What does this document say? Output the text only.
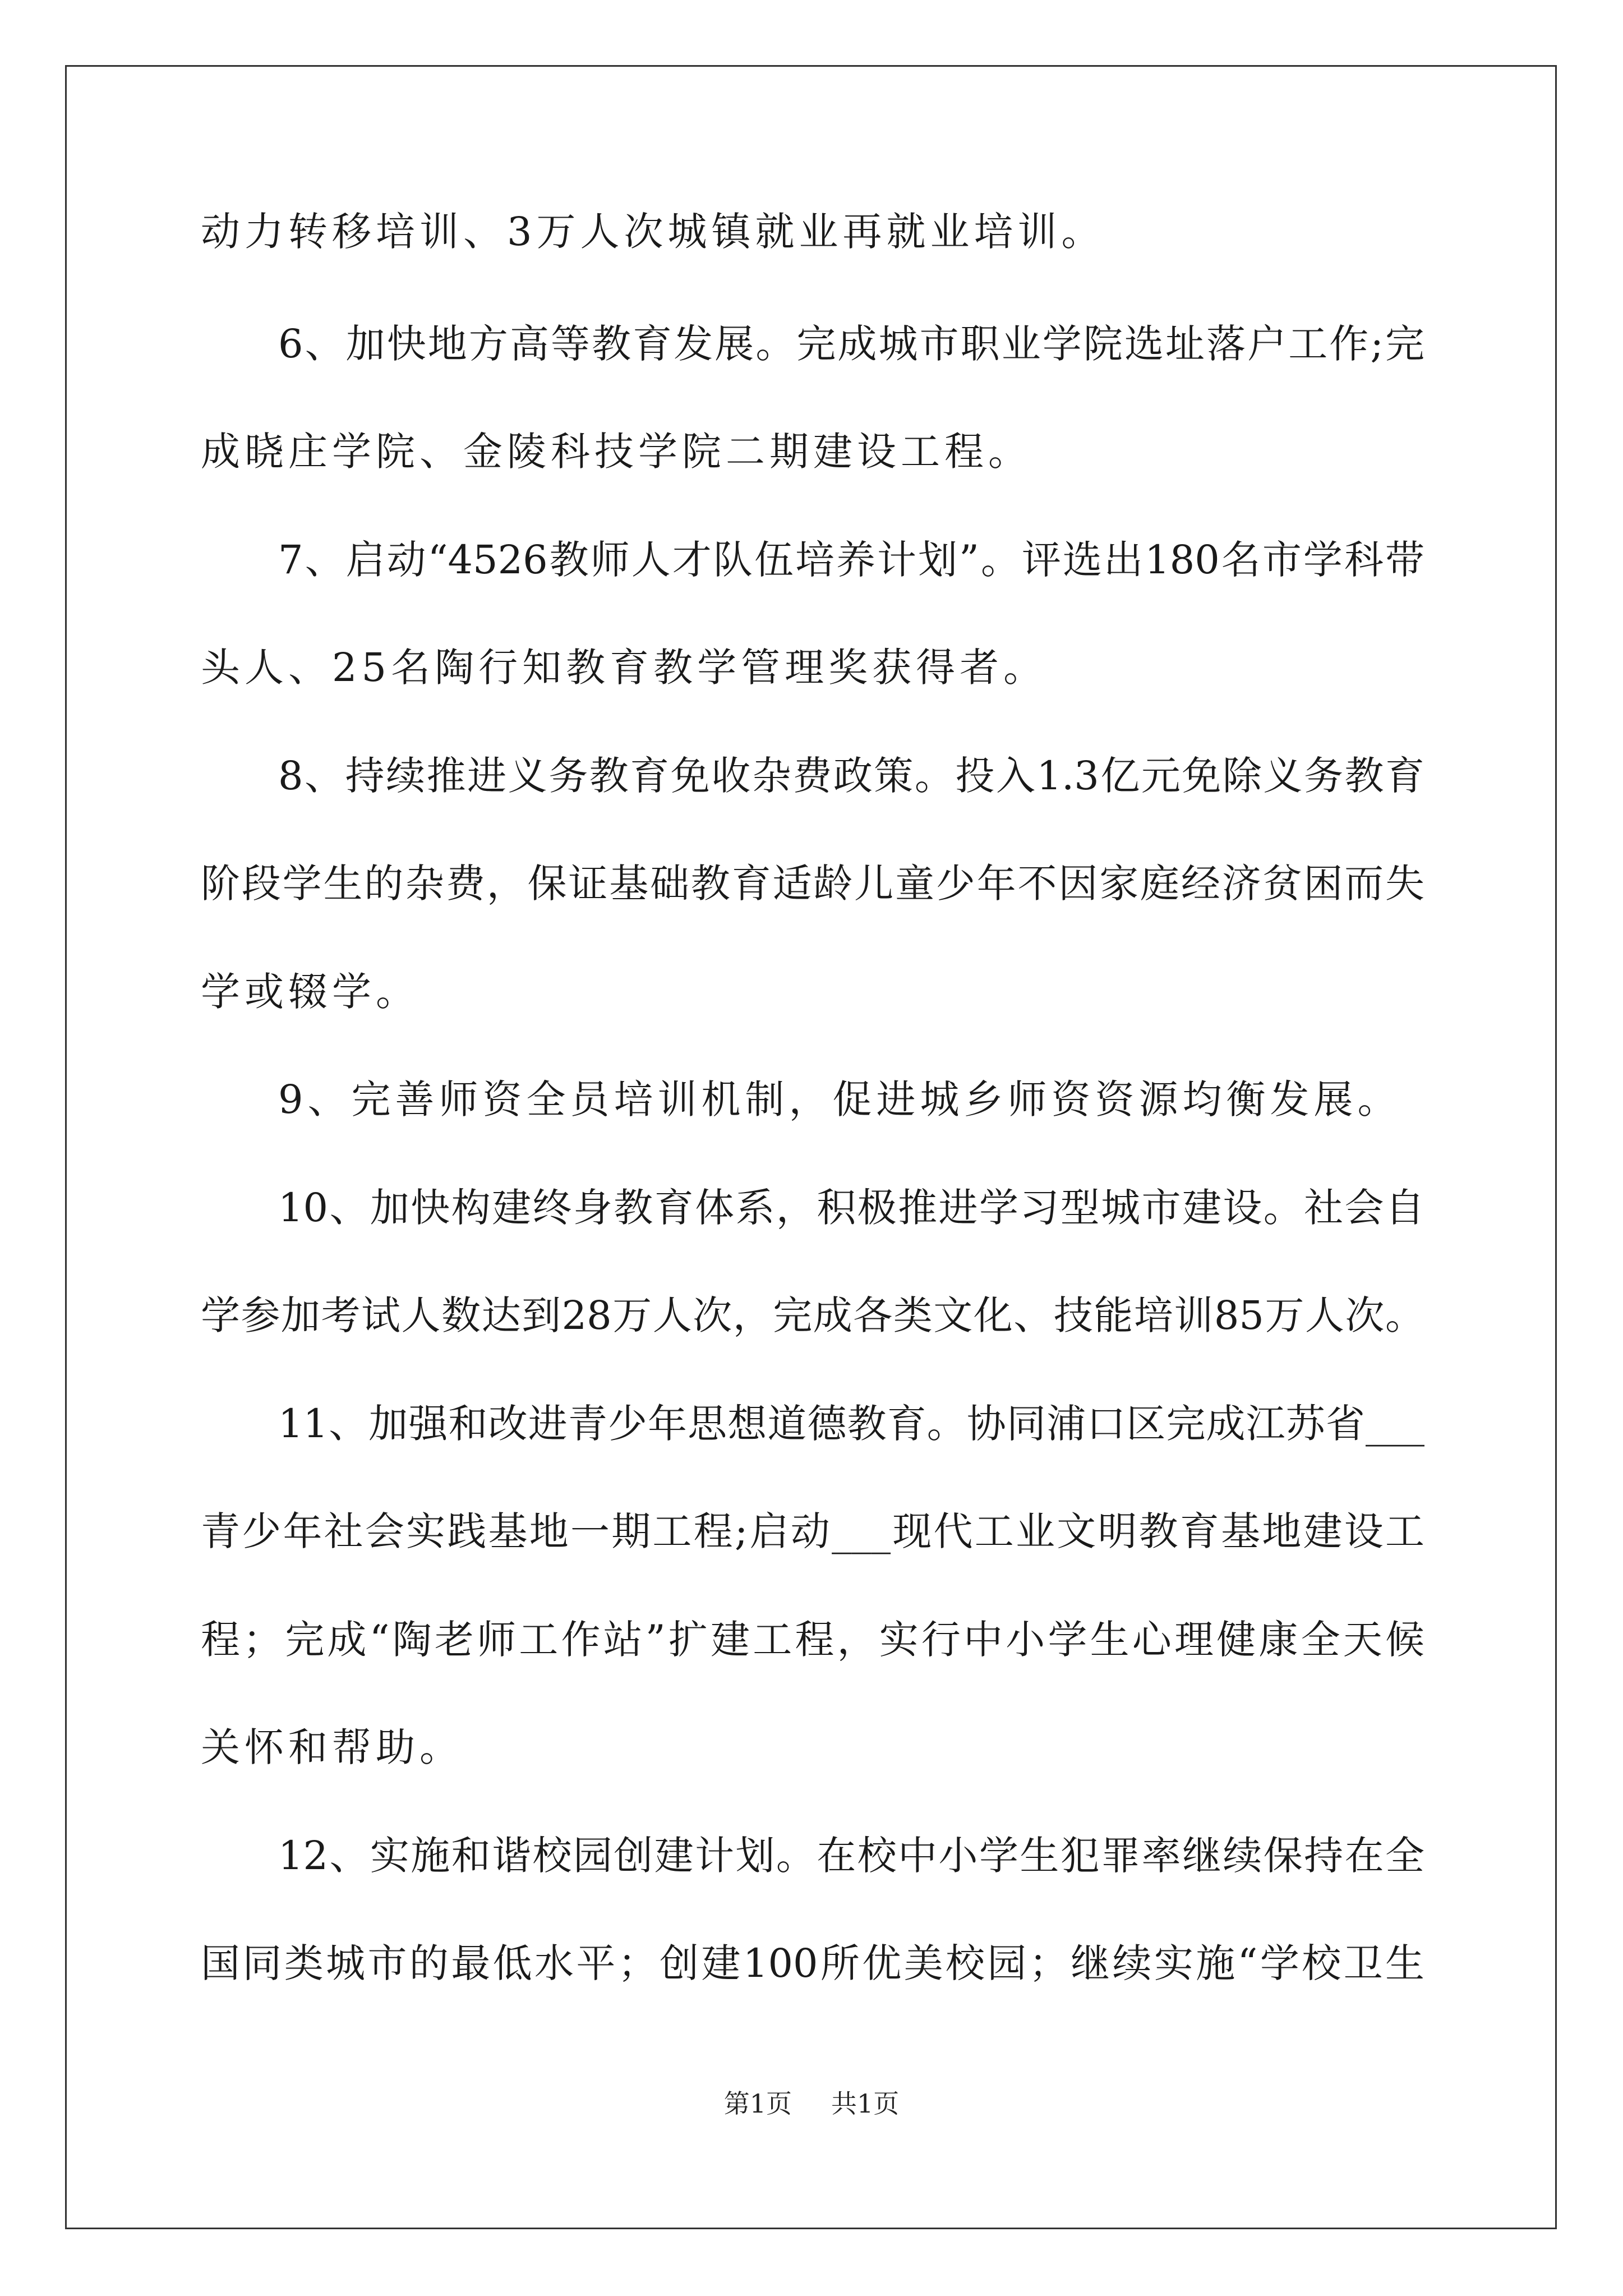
动力转移培训、3万人次城镇就业再就业培训。
6、加快地方高等教育发展。完成城市职业学院选址落户工作;完
成晓庄学院、金陵科技学院二期建设工程。
7、启动“4526教师人才队伍培养计划”。评选出180名市学科带
头人、25名陶行知教育教学管理奖获得者。
8、持续推进义务教育免收杂费政策。投入1.3亿元免除义务教育
阶段学生的杂费，保证基础教育适龄儿童少年不因家庭经济贫困而失
学或辍学。
9、完善师资全员培训机制，促进城乡师资资源均衡发展。
10、加快构建终身教育体系，积极推进学习型城市建设。社会自
学参加考试人数达到28万人次，完成各类文化、技能培训85万人次。
11、加强和改进青少年思想道德教育。协同浦口区完成江苏省___
青少年社会实践基地一期工程;启动___现代工业文明教育基地建设工
程；完成“陶老师工作站”扩建工程，实行中小学生心理健康全天候
关怀和帮助。
12、实施和谐校园创建计划。在校中小学生犯罪率继续保持在全
国同类城市的最低水平；创建100所优美校园；继续实施“学校卫生
第1页 共1页
